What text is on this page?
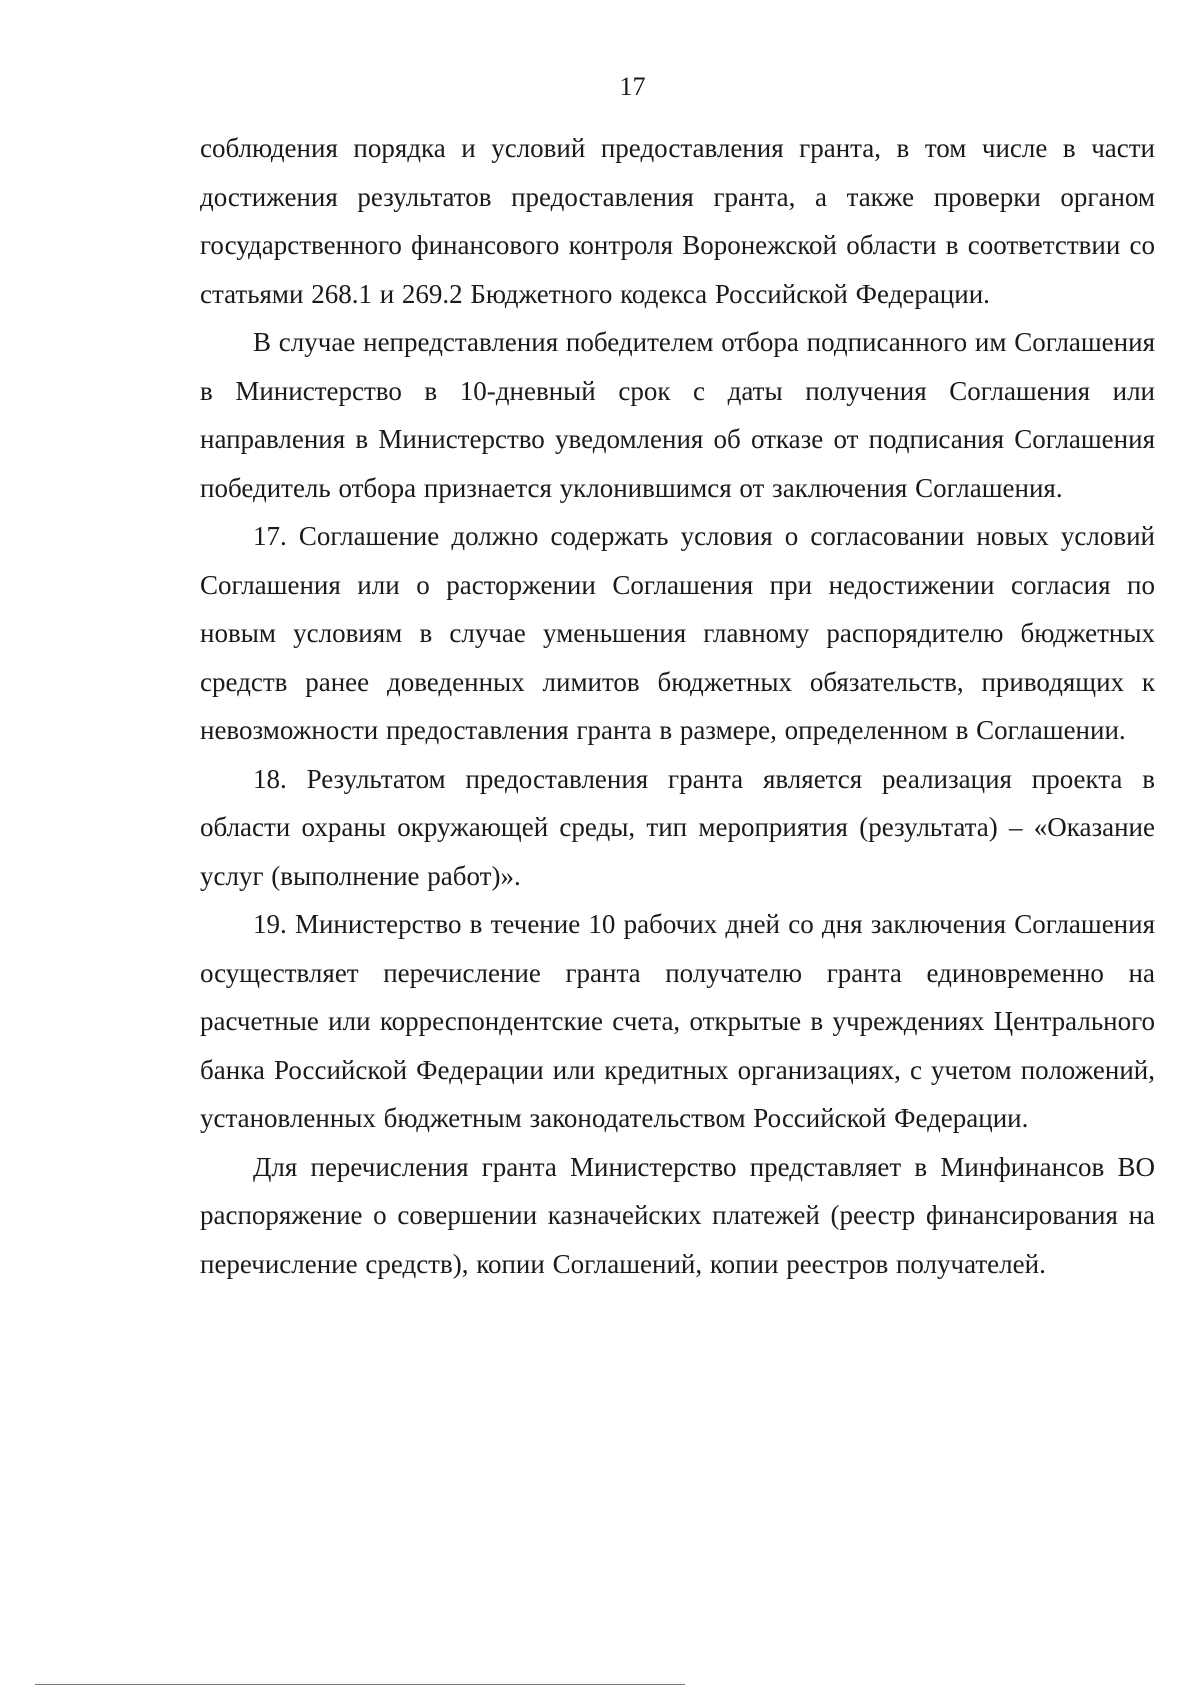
17

соблюдения порядка и условий предоставления гранта, в том числе в части достижения результатов предоставления гранта, а также проверки органом государственного финансового контроля Воронежской области в соответствии со статьями 268.1 и 269.2 Бюджетного кодекса Российской Федерации.

В случае непредставления победителем отбора подписанного им Соглашения в Министерство в 10-дневный срок с даты получения Соглашения или направления в Министерство уведомления об отказе от подписания Соглашения победитель отбора признается уклонившимся от заключения Соглашения.

17. Соглашение должно содержать условия о согласовании новых условий Соглашения или о расторжении Соглашения при недостижении согласия по новым условиям в случае уменьшения главному распорядителю бюджетных средств ранее доведенных лимитов бюджетных обязательств, приводящих к невозможности предоставления гранта в размере, определенном в Соглашении.

18. Результатом предоставления гранта является реализация проекта в области охраны окружающей среды, тип мероприятия (результата) – «Оказание услуг (выполнение работ)».

19. Министерство в течение 10 рабочих дней со дня заключения Соглашения осуществляет перечисление гранта получателю гранта единовременно на расчетные или корреспондентские счета, открытые в учреждениях Центрального банка Российской Федерации или кредитных организациях, с учетом положений, установленных бюджетным законодательством Российской Федерации.

Для перечисления гранта Министерство представляет в Минфинансов ВО распоряжение о совершении казначейских платежей (реестр финансирования на перечисление средств), копии Соглашений, копии реестров получателей.
